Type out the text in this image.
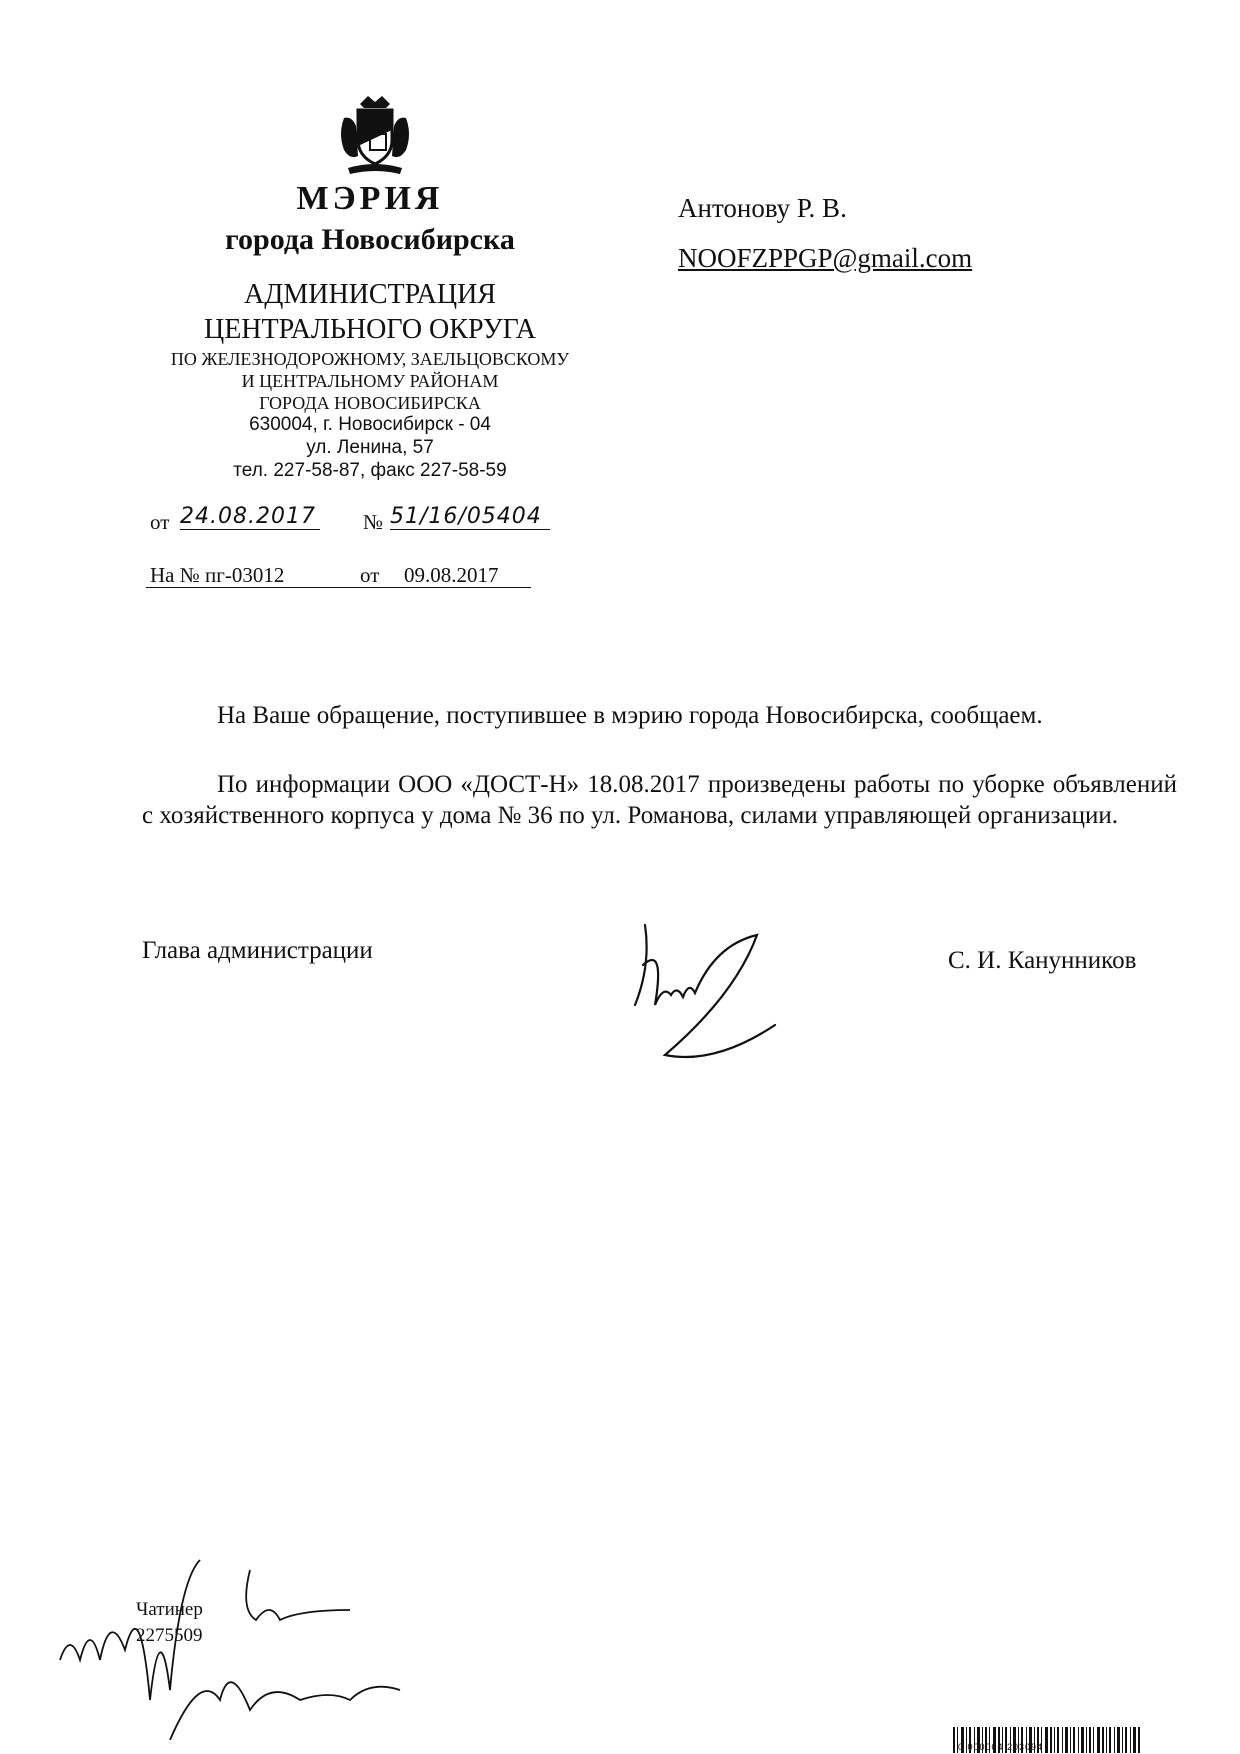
МЭРИЯ
города Новосибирска
АДМИНИСТРАЦИЯ
ЦЕНТРАЛЬНОГО ОКРУГА
ПО ЖЕЛЕЗНОДОРОЖНОМУ, ЗАЕЛЬЦОВСКОМУ
И ЦЕНТРАЛЬНОМУ РАЙОНАМ
ГОРОДА НОВОСИБИРСКА
630004, г. Новосибирск - 04
ул. Ленина, 57
тел. 227-58-87, факс 227-58-59
Антонову Р. В.
NOOFZPPGP@gmail.com
от 24.08.2017 № 51/16/05404
На № пг-03012	от 09.08.2017
На Ваше обращение, поступившее в мэрию города Новосибирска, сообщаем.
По информации ООО «ДОСТ-Н» 18.08.2017 произведены работы по уборке объявлений с хозяйственного корпуса у дома № 36 по ул. Романова, силами управляющей организации.
Глава администрации	С. И. Канунников
Чатинер
2275509
0 000004 203094
